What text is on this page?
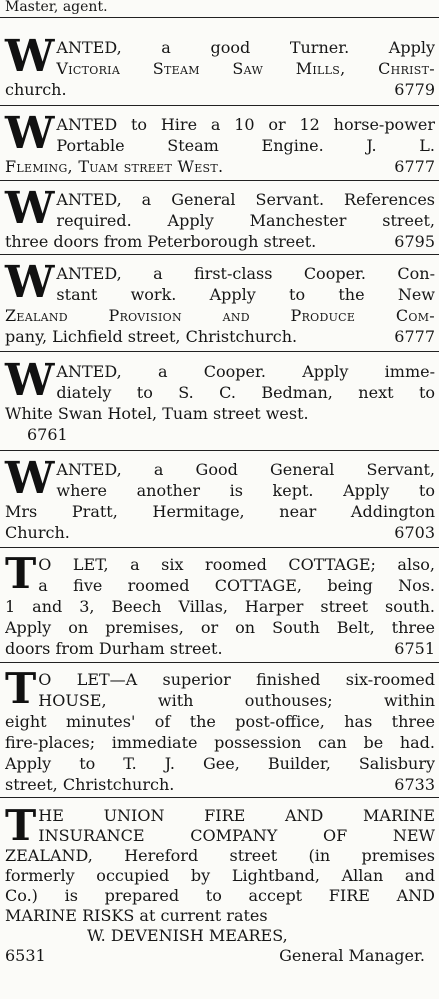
Master, agent.
W ANTED, a good Turner. Apply
Victoria Steam Saw Mills, Christ-
church.	6779
W ANTED to Hire a 10 or 12 horse-power
Portable Steam Engine. J. L.
Fleming, Tuam street West.	6777
W ANTED, a General Servant. References
required. Apply Manchester street,
three doors from Peterborough street.	6795
W ANTED, a first-class Cooper. Con-
stant work. Apply to the New
Zealand Provision and Produce Com-
pany, Lichfield street, Christchurch.	6777
W ANTED, a Cooper. Apply imme-
diately to S. C. Bedman, next to
White Swan Hotel, Tuam street west.
6761
W ANTED, a Good General Servant,
where another is kept. Apply to
Mrs Pratt, Hermitage, near Addington
Church.	6703
T O LET, a six roomed COTTAGE; also,
a five roomed COTTAGE, being Nos.
1 and 3, Beech Villas, Harper street south.
Apply on premises, or on South Belt, three
doors from Durham street.	6751
T O LET—A superior finished six-roomed
HOUSE, with outhouses; within
eight minutes' of the post-office, has three
fire-places; immediate possession can be had.
Apply to T. J. Gee, Builder, Salisbury
street, Christchurch.	6733
T HE UNION FIRE AND MARINE
INSURANCE COMPANY OF NEW
ZEALAND, Hereford street (in premises
formerly occupied by Lightband, Allan and
Co.) is prepared to accept FIRE AND
MARINE RISKS at current rates
W. DEVENISH MEARES,
6531	General Manager.
